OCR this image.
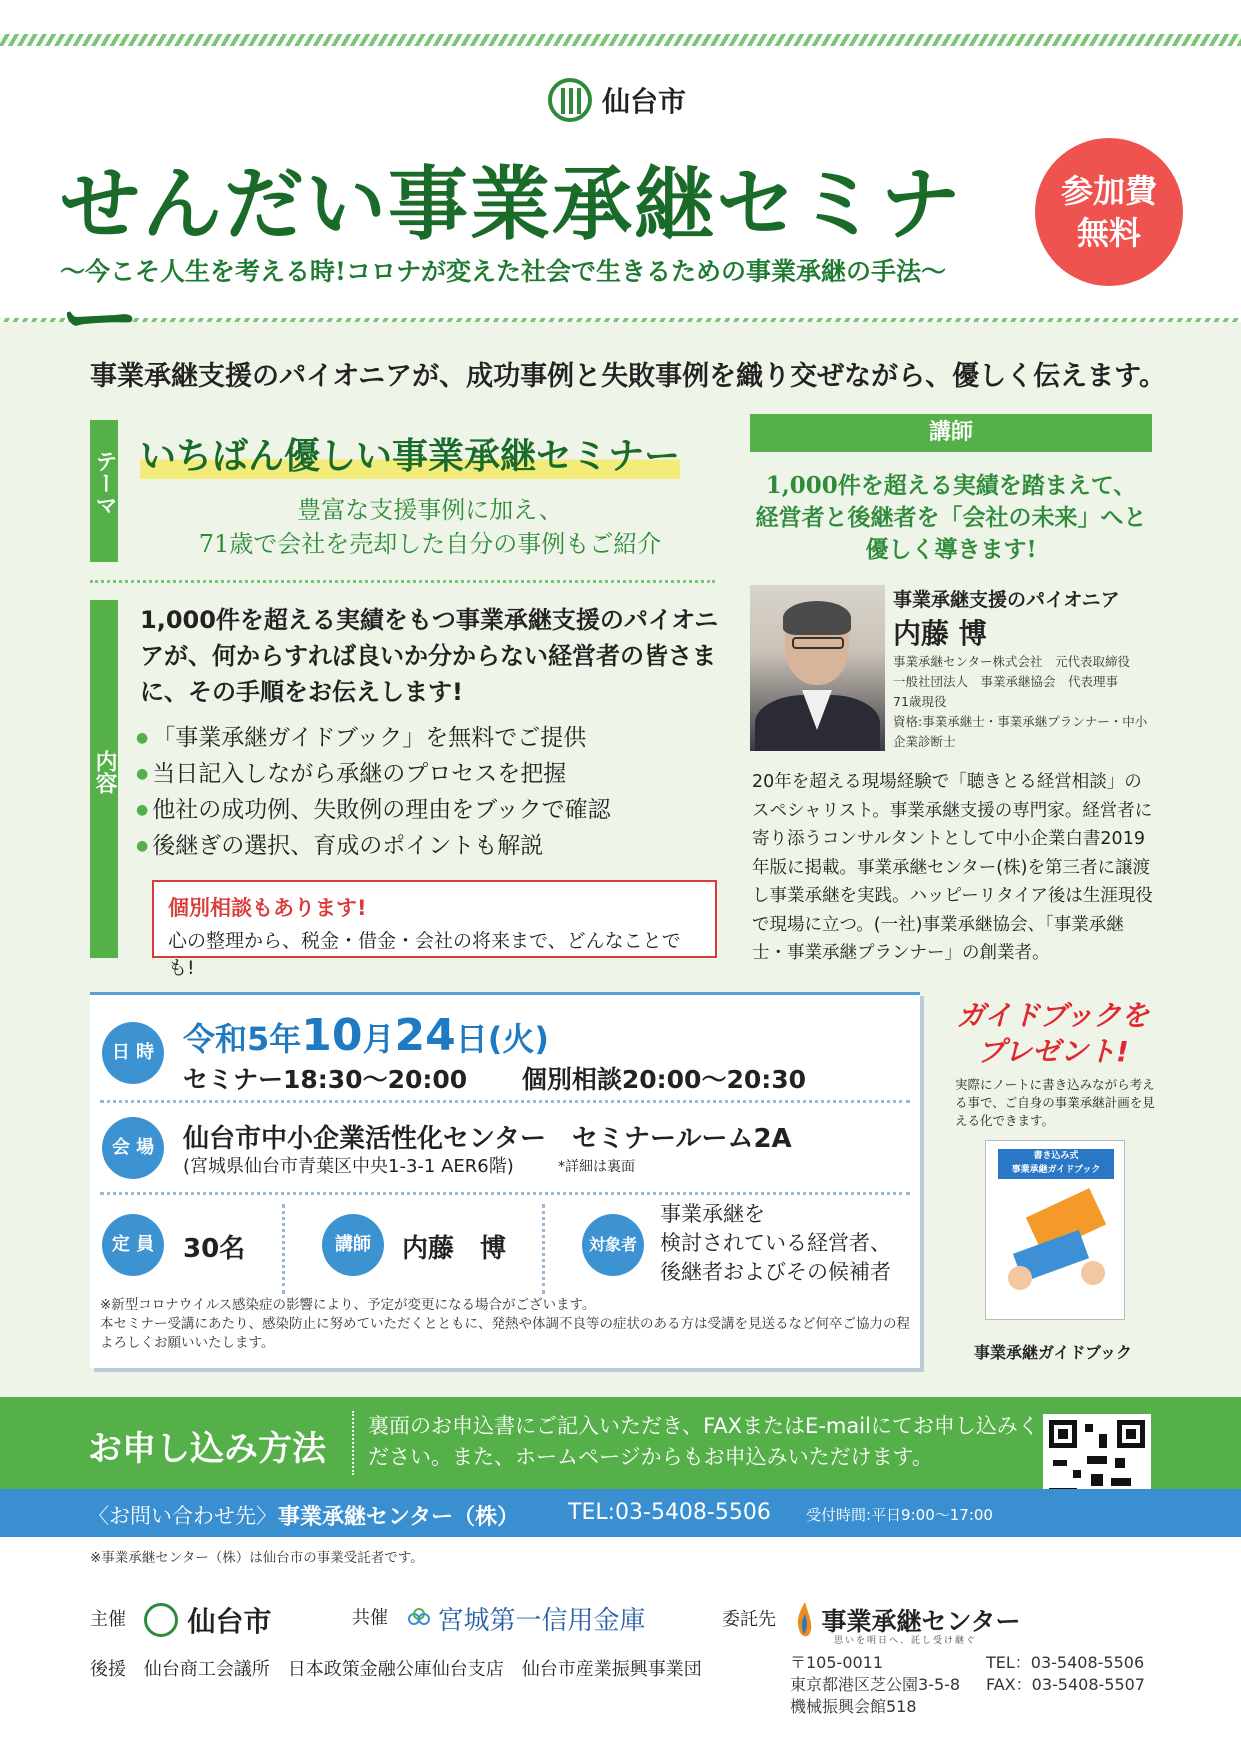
仙台市
せんだい事業承継セミナー
〜今こそ人生を考える時!コロナが変えた社会で生きるための事業承継の手法〜
参加費
無料
事業承継支援のパイオニアが、成功事例と失敗事例を織り交ぜながら、優しく伝えます。
テーマ いちばん優しい事業承継セミナー
豊富な支援事例に加え、
71歳で会社を売却した自分の事例もご紹介
内容
1,000件を超える実績をもつ事業承継支援のパイオニアが、何からすれば良いか分からない経営者の皆さまに、その手順をお伝えします!
● 「事業承継ガイドブック」を無料でご提供
● 当日記入しながら承継のプロセスを把握
● 他社の成功例、失敗例の理由をブックで確認
● 後継ぎの選択、育成のポイントも解説
個別相談もあります!
心の整理から、税金・借金・会社の将来まで、どんなことでも!
講師
1,000件を超える実績を踏まえて、
経営者と後継者を「会社の未来」へと
優しく導きます!
事業承継支援のパイオニア
内藤 博
事業承継センター株式会社　元代表取締役
一般社団法人　事業承継協会　代表理事
71歳現役
資格:事業承継士・事業承継プランナー・中小
企業診断士
20年を超える現場経験で「聴きとる経営相談」のスペシャリスト。事業承継支援の専門家。経営者に寄り添うコンサルタントとして中小企業白書2019年版に掲載。事業承継センター(株)を第三者に譲渡し事業承継を実践。ハッピーリタイア後は生涯現役で現場に立つ。(一社)事業承継協会、「事業承継士・事業承継プランナー」の創業者。
日 時 令和5年10月24日(火)
セミナー18:30〜20:00 個別相談20:00〜20:30
会 場	仙台市中小企業活性化センター　セミナールーム2A
(宮城県仙台市青葉区中央1-3-1 AER6階)	*詳細は裏面
定 員	30名	講師	内藤　博	対象者
事業承継を
検討されている経営者、
後継者およびその候補者
※新型コロナウイルス感染症の影響により、予定が変更になる場合がございます。
本セミナー受講にあたり、感染防止に努めていただくとともに、発熱や体調不良等の症状のある方は受講を見送るなど何卒ご協力の程よろしくお願いいたします。
ガイドブックを
プレゼント!
実際にノートに書き込みながら考える事で、ご自身の事業承継計画を見える化できます。
書き込み式
事業承継ガイドブック
事業承継ガイドブック
お申し込み方法
裏面のお申込書にご記入いただき、FAXまたはE-mailにてお申し込みください。また、ホームページからもお申込みいただけます。
〈お問い合わせ先〉 事業承継センター（株） TEL:03-5408-5506 受付時間:平日9:00〜17:00
※事業承継センター（株）は仙台市の事業受託者です。
主催 仙台市	共催 宮城第一信用金庫	委託先 事業承継センター
思いを明日へ、託し受け継ぐ
後援 仙台商工会議所　日本政策金融公庫仙台支店　仙台市産業振興事業団	〒105-0011
東京都港区芝公園3-5-8
機械振興会館518
TEL：03-5408-5506
FAX：03-5408-5507
